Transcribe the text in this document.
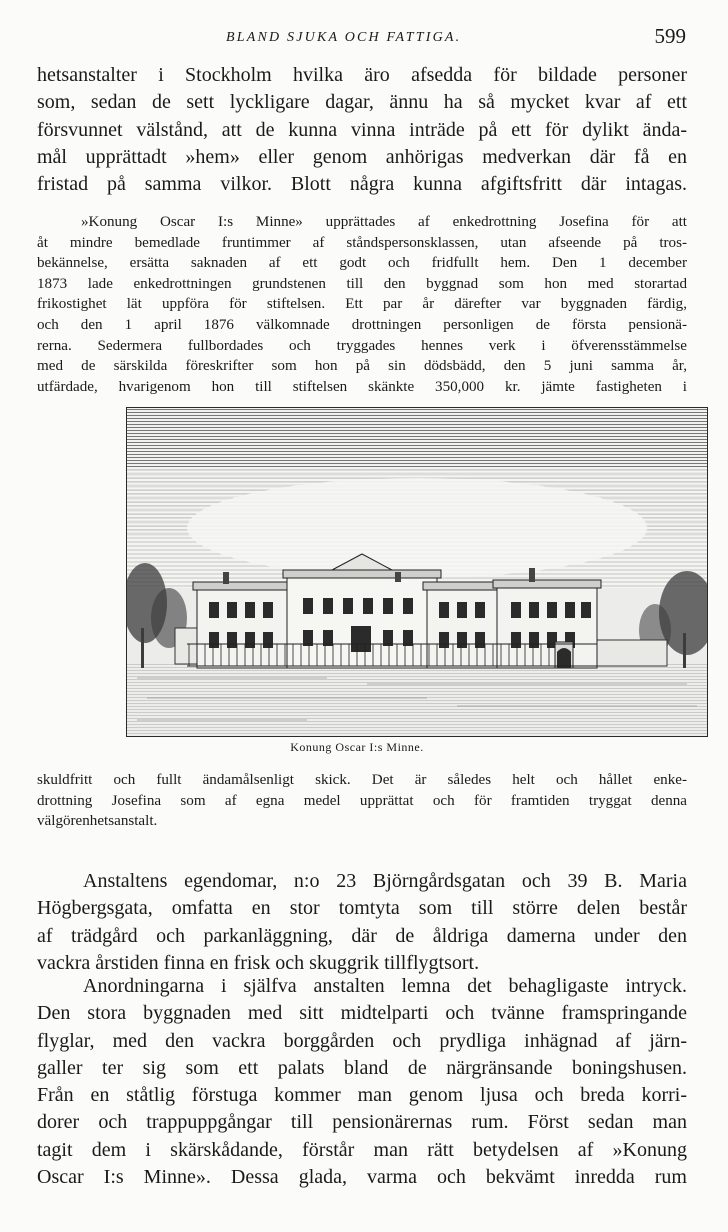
BLAND SJUKA OCH FATTIGA.	599
hetsanstalter i Stockholm hvilka äro afsedda för bildade personer
som, sedan de sett lyckligare dagar, ännu ha så mycket kvar af ett
försvunnet välstånd, att de kunna vinna inträde på ett för dylikt ända-
mål upprättadt »hem» eller genom anhörigas medverkan där få en
fristad på samma vilkor. Blott några kunna afgiftsfritt där intagas.
»Konung Oscar I:s Minne» upprättades af enkedrottning Josefina för att
åt mindre bemedlade fruntimmer af ståndspersonsklassen, utan afseende på tros-
bekännelse, ersätta saknaden af ett godt och fridfullt hem. Den 1 december
1873 lade enkedrottningen grundstenen till den byggnad som hon med storartad
frikostighet lät uppföra för stiftelsen. Ett par år därefter var byggnaden färdig,
och den 1 april 1876 välkomnade drottningen personligen de första pensionä-
rerna. Sedermera fullbordades och tryggades hennes verk i öfverensstämmelse
med de särskilda föreskrifter som hon på sin dödsbädd, den 5 juni samma år,
utfärdade, hvarigenom hon till stiftelsen skänkte 350,000 kr. jämte fastigheten i
Konung Oscar I:s Minne.
skuldfritt och fullt ändamålsenligt skick. Det är således helt och hållet enke-
drottning Josefina som af egna medel upprättat och för framtiden tryggat denna
välgörenhetsanstalt.
Anstaltens egendomar, n:o 23 Björngårdsgatan och 39 B. Maria
Högbergsgata, omfatta en stor tomtyta som till större delen består
af trädgård och parkanläggning, där de åldriga damerna under den
vackra årstiden finna en frisk och skuggrik tillflygtsort.
Anordningarna i själfva anstalten lemna det behagligaste intryck.
Den stora byggnaden med sitt midtelparti och tvänne framspringande
flyglar, med den vackra borggården och prydliga inhägnad af järn-
galler ter sig som ett palats bland de närgränsande boningshusen.
Från en ståtlig förstuga kommer man genom ljusa och breda korri-
dorer och trappuppgångar till pensionärernas rum. Först sedan man
tagit dem i skärskådande, förstår man rätt betydelsen af »Konung
Oscar I:s Minne». Dessa glada, varma och bekvämt inredda rum
